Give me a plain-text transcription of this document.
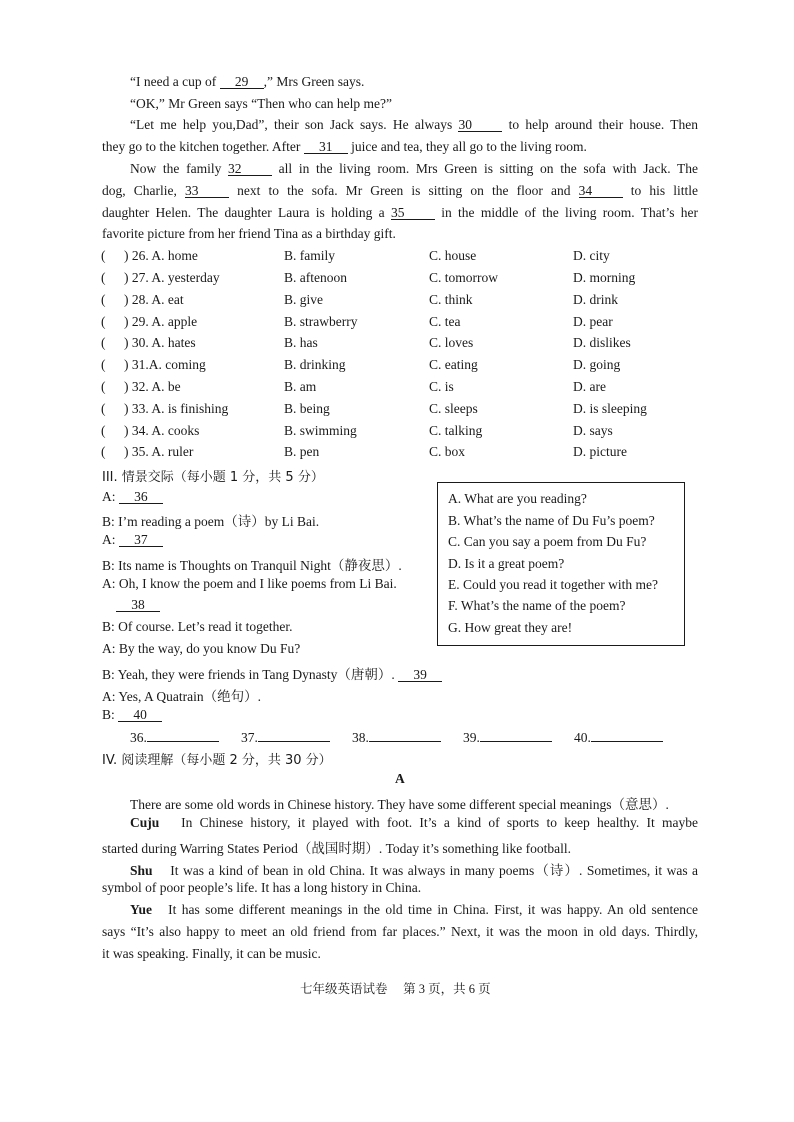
“I need a cup of 29 ,” Mrs Green says.
“OK,” Mr Green says “Then who can help me?”
“Let me help you,Dad”, their son Jack says. He always 30 to help around their house. Then
they go to the kitchen together. After 31 juice and tea, they all go to the living room.
Now the family 32 all in the living room. Mrs Green is sitting on the sofa with Jack. The
dog, Charlie, 33 next to the sofa. Mr Green is sitting on the floor and 34 to his little
daughter Helen. The daughter Laura is holding a 35 in the middle of the living room. That’s her
favorite picture from her friend Tina as a birthday gift.
( ) 26. A. home	B. family	C. house	D. city
( ) 27. A. yesterday	B. aftenoon	C. tomorrow	D. morning
( ) 28. A. eat	B. give	C. think	D. drink
( ) 29. A. apple	B. strawberry	C. tea	D. pear
( ) 30. A. hates	B. has	C. loves	D. dislikes
( ) 31.A. coming	B. drinking	C. eating	D. going
( ) 32. A. be	B. am	C. is	D. are
( ) 33. A. is finishing	B. being	C. sleeps	D. is sleeping
( ) 34. A. cooks	B. swimming	C. talking	D. says
( ) 35. A. ruler	B. pen	C. box	D. picture
III. 情景交际（每小题 1 分，共 5 分）
A: 36
B: I’m reading a poem（诗）by Li Bai.
A: 37
B: Its name is Thoughts on Tranquil Night（静夜思）.
A: Oh, I know the poem and I like poems from Li Bai.
38
B: Of course. Let’s read it together.
A: By the way, do you know Du Fu?
B: Yeah, they were friends in Tang Dynasty（唐朝）. 39
A: Yes, A Quatrain（绝句）.
B: 40
A. What are you reading?
B. What’s the name of Du Fu’s poem?
C. Can you say a poem from Du Fu?
D. Is it a great poem?
E. Could you read it together with me?
F. What’s the name of the poem?
G. How great they are!
36.	37.	38.	39.	40.
IV. 阅读理解（每小题 2 分，共 30 分）
A
There are some old words in Chinese history. They have some different special meanings（意思）.
Cuju In Chinese history, it played with foot. It’s a kind of sports to keep healthy. It maybe
started during Warring States Period（战国时期）. Today it’s something like football.
Shu It was a kind of bean in old China. It was always in many poems（诗）. Sometimes, it was a
symbol of poor people’s life. It has a long history in China.
Yue It has some different meanings in the old time in China. First, it was happy. An old sentence
says “It’s also happy to meet an old friend from far places.” Next, it was the moon in old days. Thirdly,
it was speaking. Finally, it can be music.
七年级英语试卷 第 3 页，共 6 页
